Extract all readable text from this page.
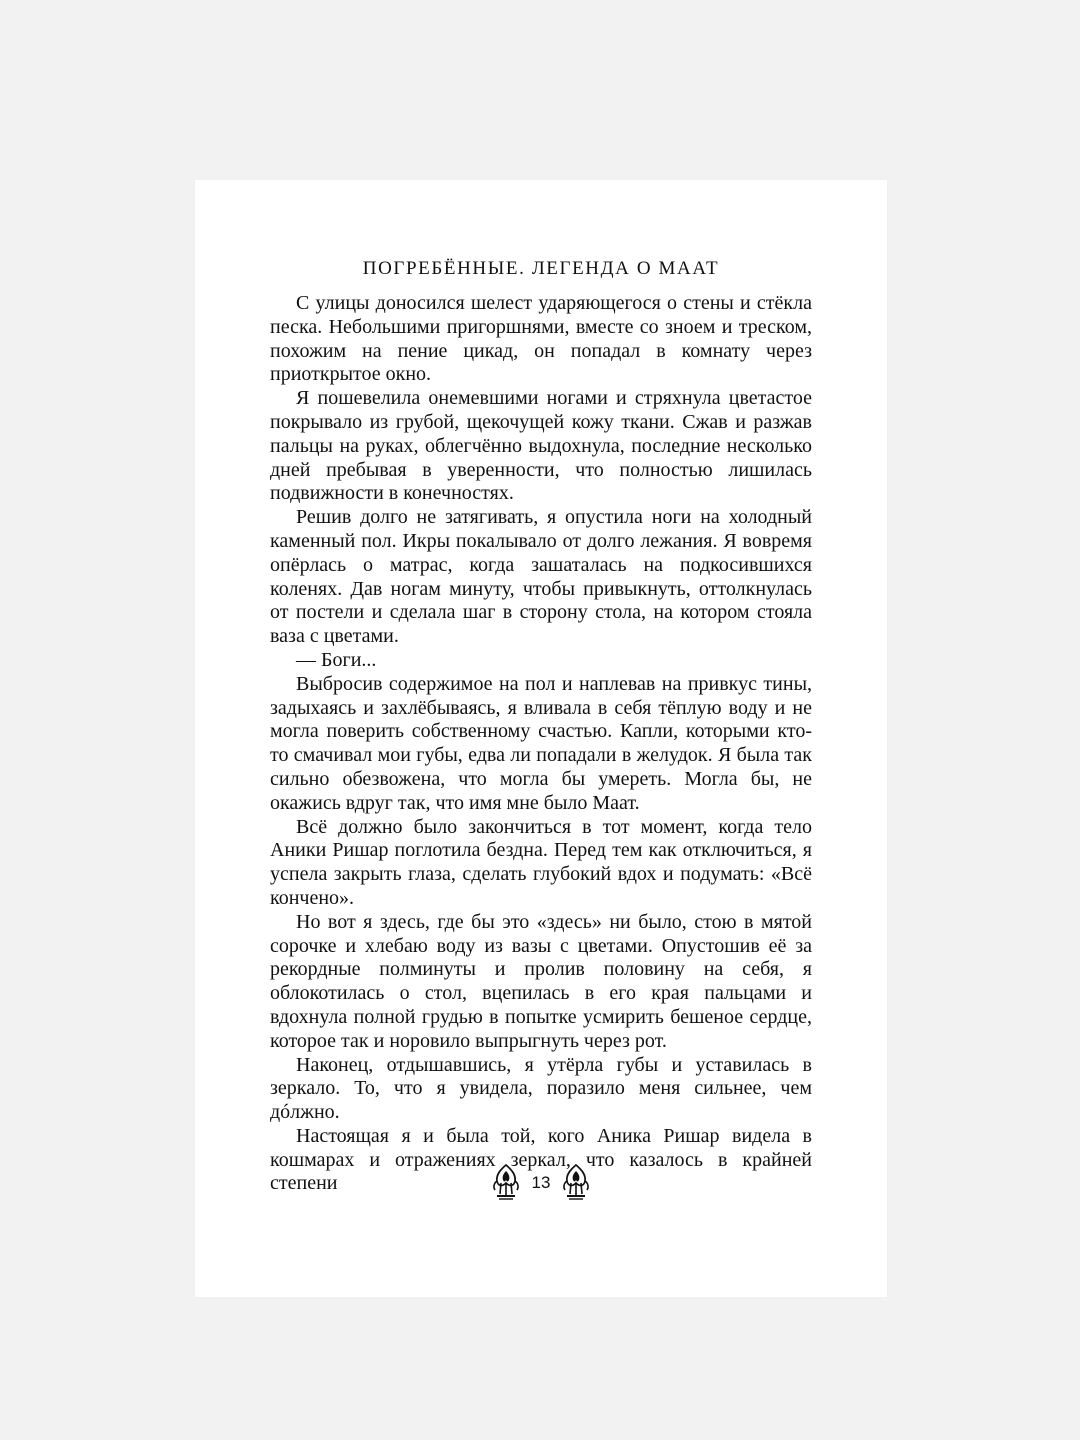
ПОГРЕБЁННЫЕ. ЛЕГЕНДА О МААТ

С улицы доносился шелест ударяющегося о стены и стёкла песка. Небольшими пригоршнями, вместе со зноем и треском, похожим на пение цикад, он попадал в комнату через приоткрытое окно.

Я пошевелила онемевшими ногами и стряхнула цветастое покрывало из грубой, щекочущей кожу ткани. Сжав и разжав пальцы на руках, облегчённо выдохнула, последние несколько дней пребывая в уверенности, что полностью лишилась подвижности в конечностях.

Решив долго не затягивать, я опустила ноги на холодный каменный пол. Икры покалывало от долго лежания. Я вовремя опёрлась о матрас, когда зашаталась на подкосившихся коленях. Дав ногам минуту, чтобы привыкнуть, оттолкнулась от постели и сделала шаг в сторону стола, на котором стояла ваза с цветами.

— Боги...

Выбросив содержимое на пол и наплевав на привкус тины, задыхаясь и захлёбываясь, я вливала в себя тёплую воду и не могла поверить собственному счастью. Капли, которыми кто-то смачивал мои губы, едва ли попадали в желудок. Я была так сильно обезвожена, что могла бы умереть. Могла бы, не окажись вдруг так, что имя мне было Маат.

Всё должно было закончиться в тот момент, когда тело Аники Ришар поглотила бездна. Перед тем как отключиться, я успела закрыть глаза, сделать глубокий вдох и подумать: «Всё кончено».

Но вот я здесь, где бы это «здесь» ни было, стою в мятой сорочке и хлебаю воду из вазы с цветами. Опустошив её за рекордные полминуты и пролив половину на себя, я облокотилась о стол, вцепилась в его края пальцами и вдохнула полной грудью в попытке усмирить бешеное сердце, которое так и норовило выпрыгнуть через рот.

Наконец, отдышавшись, я утёрла губы и уставилась в зеркало. То, что я увидела, поразило меня сильнее, чем дóлжно.

Настоящая я и была той, кого Аника Ришар видела в кошмарах и отражениях зеркал, что казалось в крайней степени	13
